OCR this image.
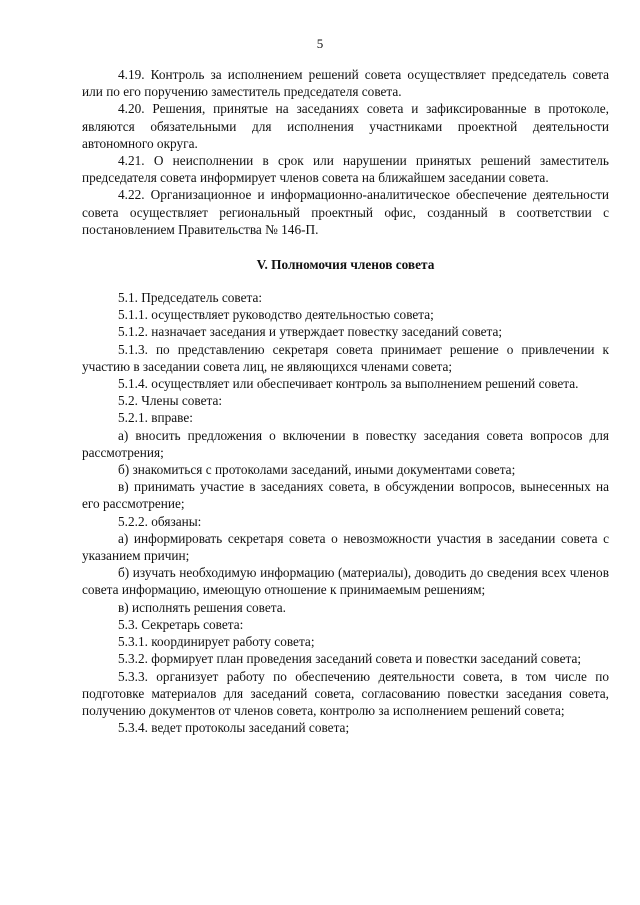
5

4.19. Контроль за исполнением решений совета осуществляет председатель совета или по его поручению заместитель председателя совета.

4.20. Решения, принятые на заседаниях совета и зафиксированные в протоколе, являются обязательными для исполнения участниками проектной деятельности автономного округа.

4.21. О неисполнении в срок или нарушении принятых решений заместитель председателя совета информирует членов совета на ближайшем заседании совета.

4.22. Организационное и информационно-аналитическое обеспечение деятельности совета осуществляет региональный проектный офис, созданный в соответствии с постановлением Правительства № 146-П.

V. Полномочия членов совета

5.1. Председатель совета:

5.1.1. осуществляет руководство деятельностью совета;

5.1.2. назначает заседания и утверждает повестку заседаний совета;

5.1.3. по представлению секретаря совета принимает решение о привлечении к участию в заседании совета лиц, не являющихся членами совета;

5.1.4. осуществляет или обеспечивает контроль за выполнением решений совета.

5.2. Члены совета:

5.2.1. вправе:

а) вносить предложения о включении в повестку заседания совета вопросов для рассмотрения;

б) знакомиться с протоколами заседаний, иными документами совета;

в) принимать участие в заседаниях совета, в обсуждении вопросов, вынесенных на его рассмотрение;

5.2.2. обязаны:

а) информировать секретаря совета о невозможности участия в заседании совета с указанием причин;

б) изучать необходимую информацию (материалы), доводить до сведения всех членов совета информацию, имеющую отношение к принимаемым решениям;

в) исполнять решения совета.

5.3. Секретарь совета:

5.3.1. координирует работу совета;

5.3.2. формирует план проведения заседаний совета и повестки заседаний совета;

5.3.3. организует работу по обеспечению деятельности совета, в том числе по подготовке материалов для заседаний совета, согласованию повестки заседания совета, получению документов от членов совета, контролю за исполнением решений совета;

5.3.4. ведет протоколы заседаний совета;
